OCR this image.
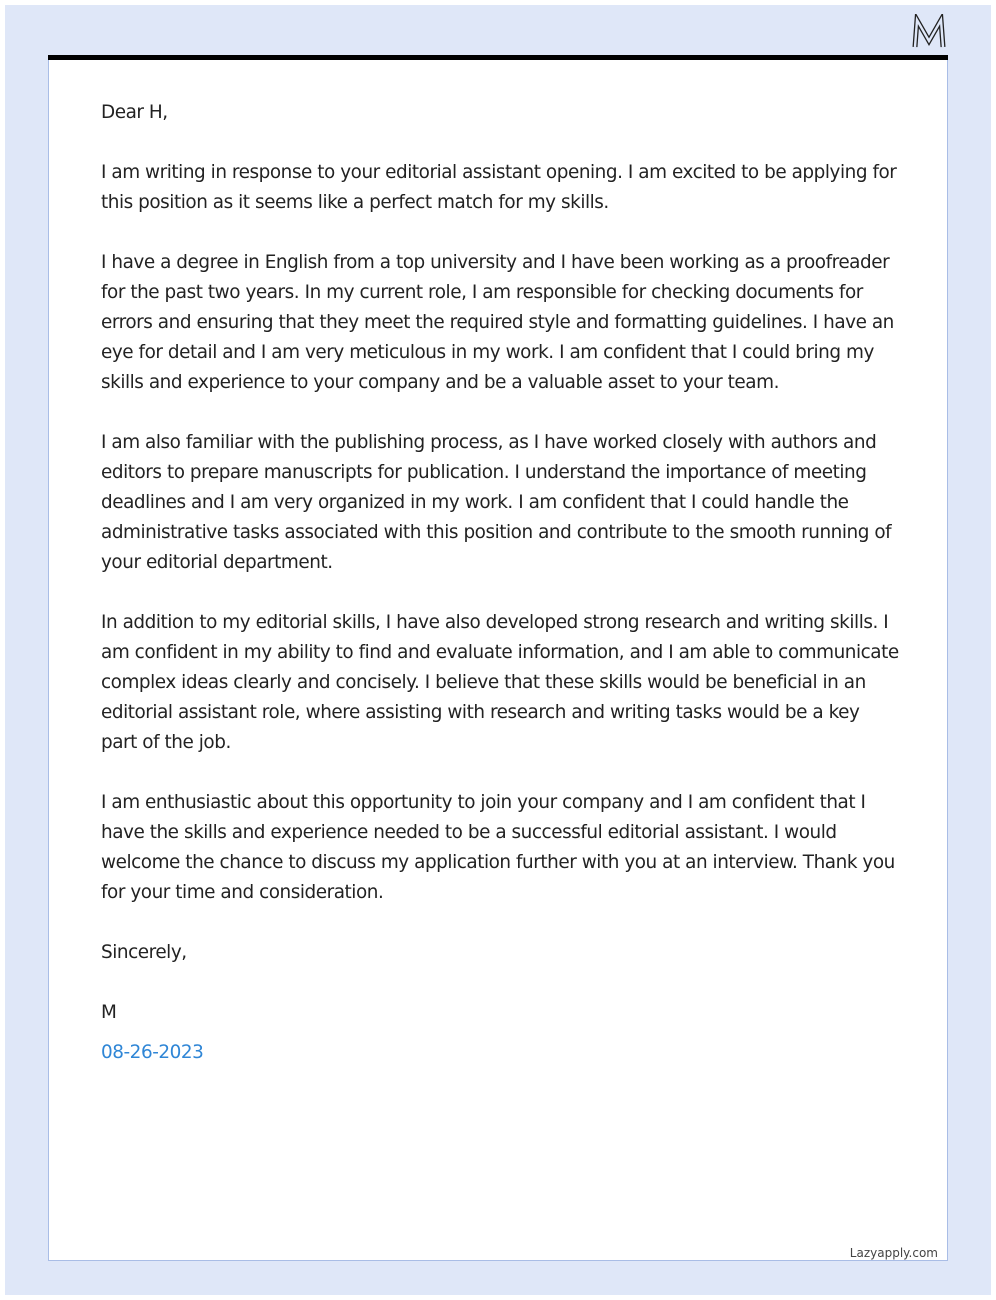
Dear H,

I am writing in response to your editorial assistant opening. I am excited to be applying for this position as it seems like a perfect match for my skills.

I have a degree in English from a top university and I have been working as a proofreader for the past two years. In my current role, I am responsible for checking documents for errors and ensuring that they meet the required style and formatting guidelines. I have an eye for detail and I am very meticulous in my work. I am confident that I could bring my skills and experience to your company and be a valuable asset to your team.

I am also familiar with the publishing process, as I have worked closely with authors and editors to prepare manuscripts for publication. I understand the importance of meeting deadlines and I am very organized in my work. I am confident that I could handle the administrative tasks associated with this position and contribute to the smooth running of your editorial department.

In addition to my editorial skills, I have also developed strong research and writing skills. I am confident in my ability to find and evaluate information, and I am able to communicate complex ideas clearly and concisely. I believe that these skills would be beneficial in an editorial assistant role, where assisting with research and writing tasks would be a key part of the job.

I am enthusiastic about this opportunity to join your company and I am confident that I have the skills and experience needed to be a successful editorial assistant. I would welcome the chance to discuss my application further with you at an interview. Thank you for your time and consideration.

Sincerely,

M

08-26-2023

Lazyapply.com
